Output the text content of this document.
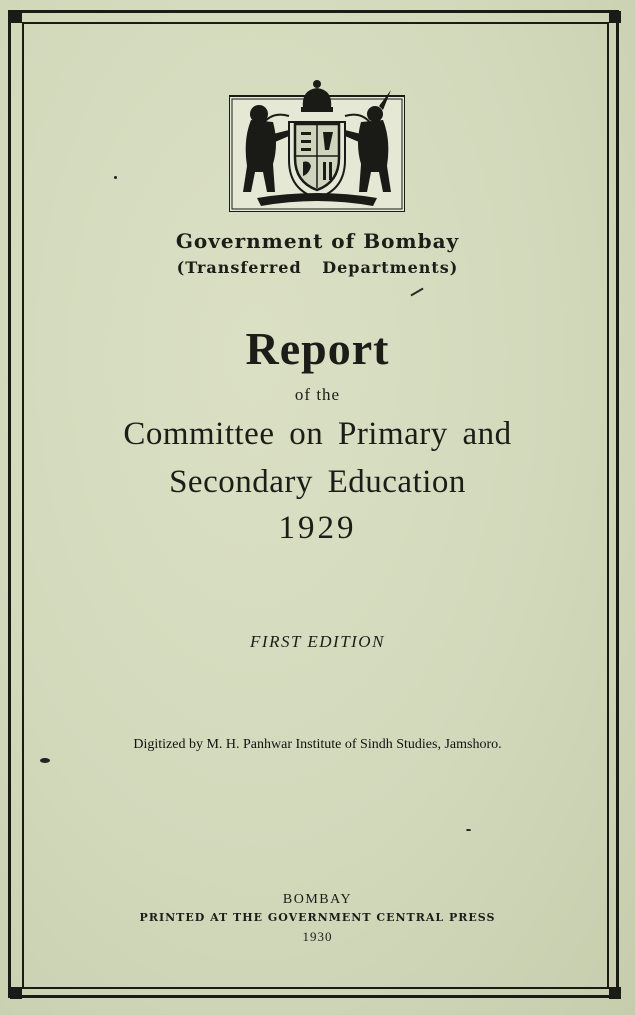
Government of Bombay
(Transferred Departments)
Report
of the
Committee on Primary and
Secondary Education
1929
FIRST EDITION
Digitized by M. H. Panhwar Institute of Sindh Studies, Jamshoro.
BOMBAY
PRINTED AT THE GOVERNMENT CENTRAL PRESS
1930
